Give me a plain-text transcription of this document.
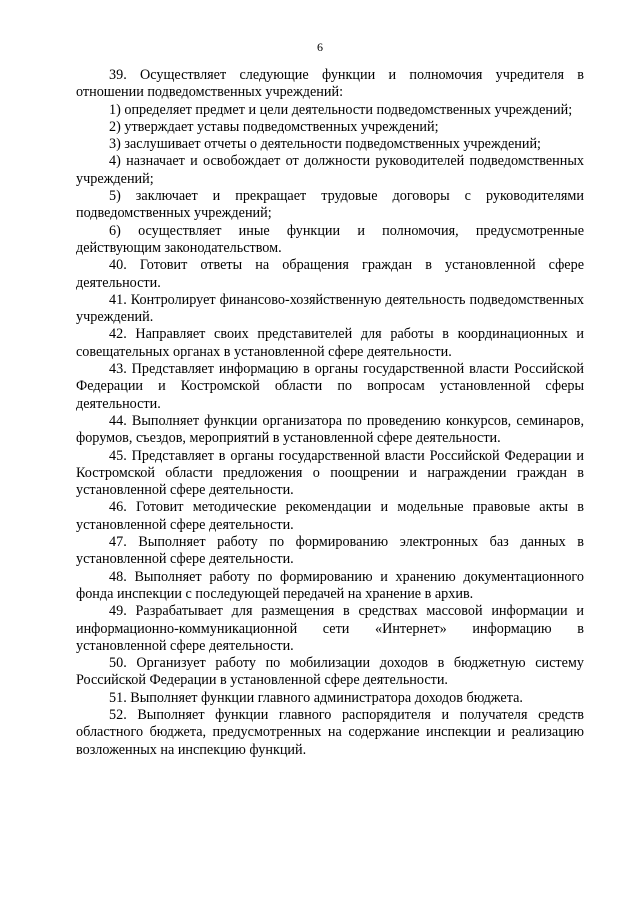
6

39. Осуществляет следующие функции и полномочия учредителя в отношении подведомственных учреждений:

1) определяет предмет и цели деятельности подведомственных учреждений;

2) утверждает уставы подведомственных учреждений;

3) заслушивает отчеты о деятельности подведомственных учреждений;

4) назначает и освобождает от должности руководителей подведомственных учреждений;

5) заключает и прекращает трудовые договоры с руководителями подведомственных учреждений;

6) осуществляет иные функции и полномочия, предусмотренные действующим законодательством.

40. Готовит ответы на обращения граждан в установленной сфере деятельности.

41. Контролирует финансово-хозяйственную деятельность подведомственных учреждений.

42. Направляет своих представителей для работы в координационных и совещательных органах в установленной сфере деятельности.

43. Представляет информацию в органы государственной власти Российской Федерации и Костромской области по вопросам установленной сферы деятельности.

44. Выполняет функции организатора по проведению конкурсов, семинаров, форумов, съездов, мероприятий в установленной сфере деятельности.

45. Представляет в органы государственной власти Российской Федерации и Костромской области предложения о поощрении и награждении граждан в установленной сфере деятельности.

46. Готовит методические рекомендации и модельные правовые акты в установленной сфере деятельности.

47. Выполняет работу по формированию электронных баз данных в установленной сфере деятельности.

48. Выполняет работу по формированию и хранению документационного фонда инспекции с последующей передачей на хранение в архив.

49. Разрабатывает для размещения в средствах массовой информации и информационно-коммуникационной сети «Интернет» информацию в установленной сфере деятельности.

50. Организует работу по мобилизации доходов в бюджетную систему Российской Федерации в установленной сфере деятельности.

51. Выполняет функции главного администратора доходов бюджета.

52. Выполняет функции главного распорядителя и получателя средств областного бюджета, предусмотренных на содержание инспекции и реализацию возложенных на инспекцию функций.
